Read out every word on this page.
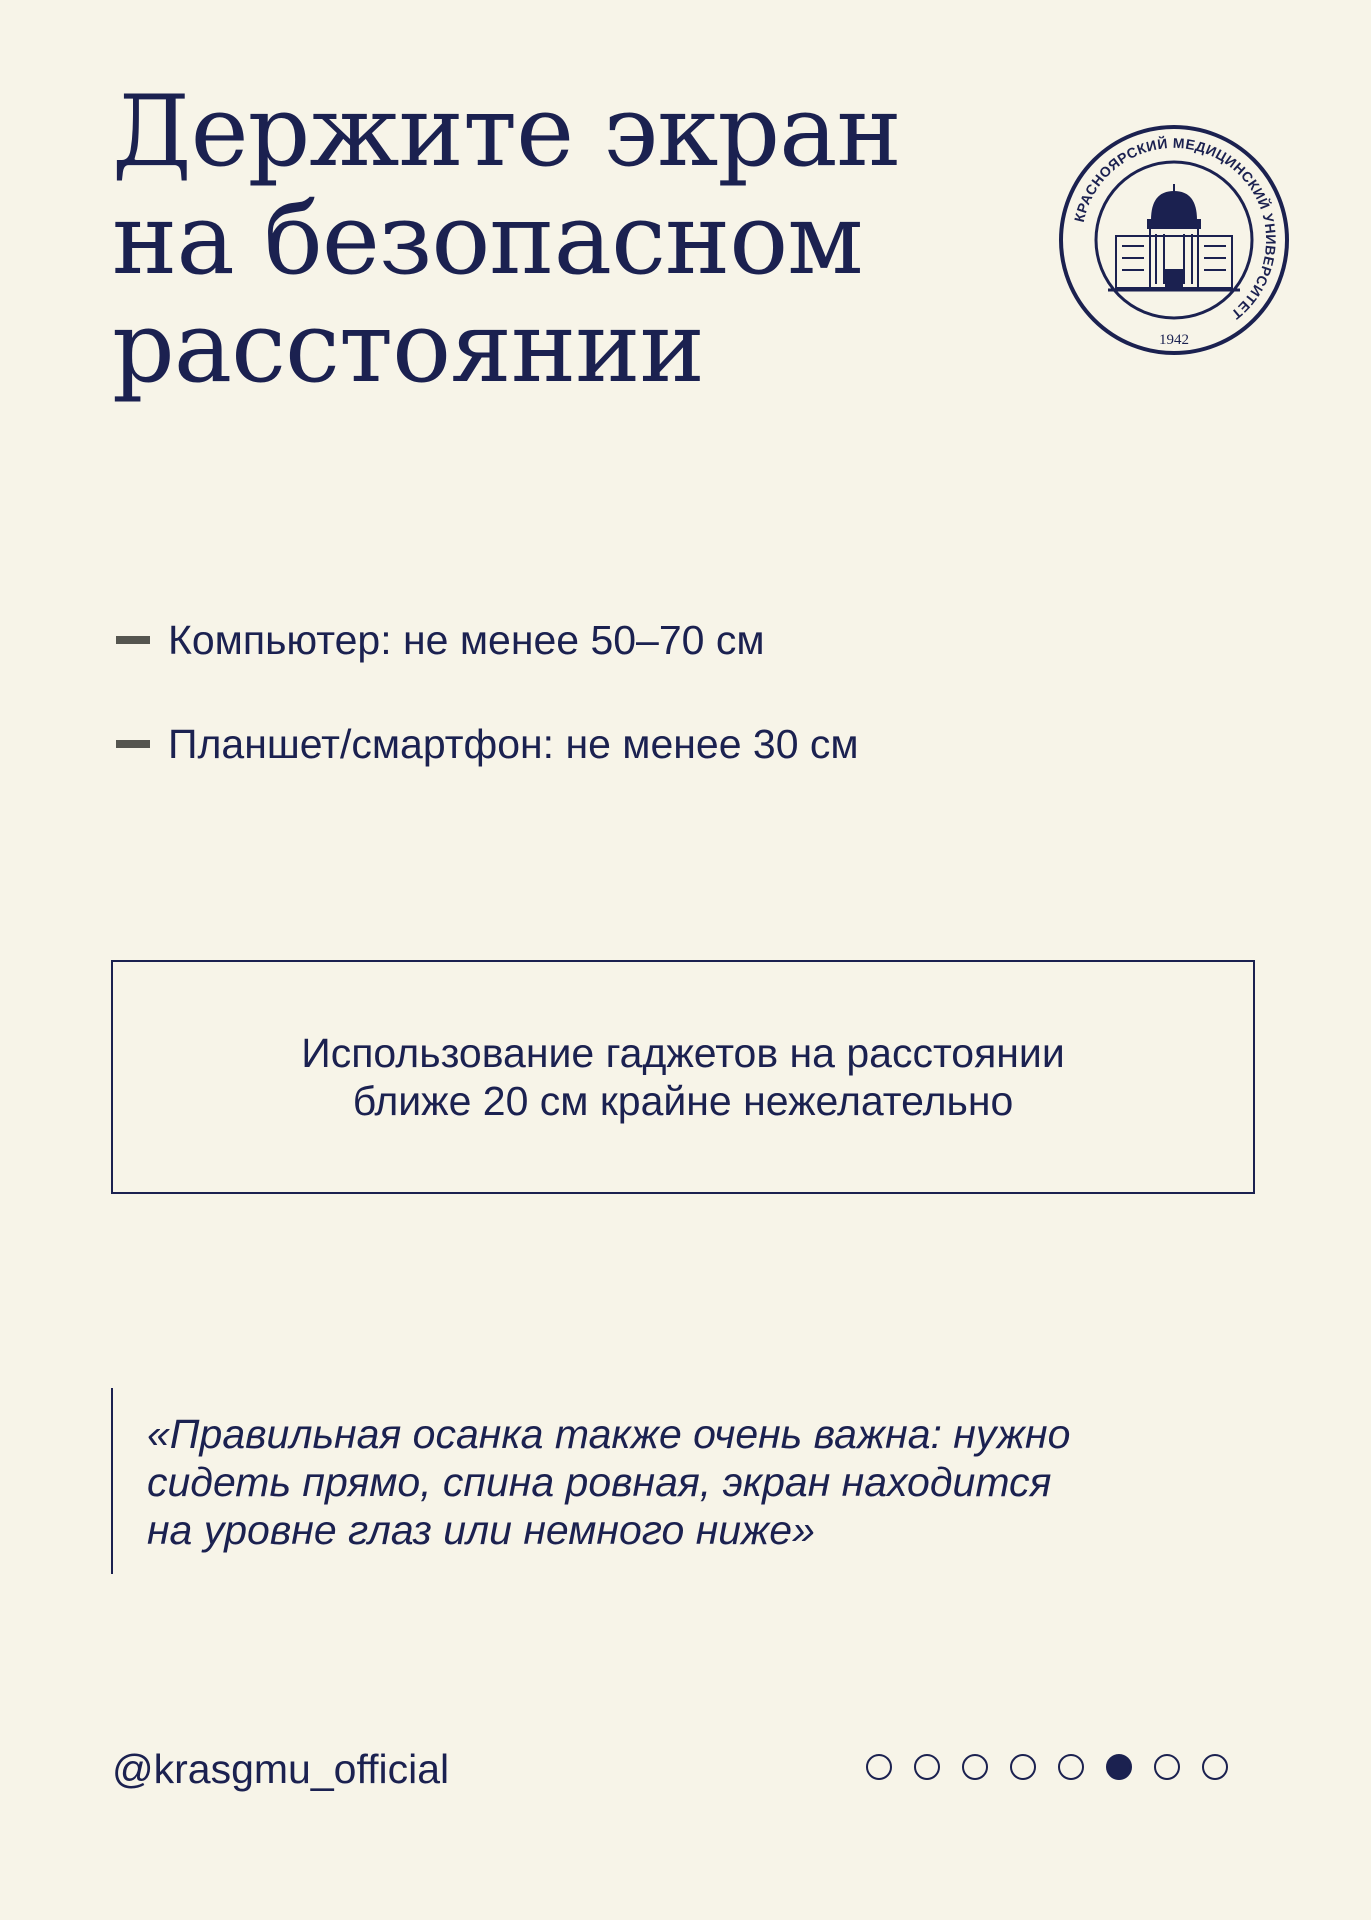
Держите экран
на безопасном
расстоянии
КРАСНОЯРСКИЙ МЕДИЦИНСКИЙ УНИВЕРСИТЕТ
1942
Компьютер: не менее 50–70 см
Планшет/смартфон: не менее 30 см
Использование гаджетов на расстоянии
ближе 20 см крайне нежелательно
«Правильная осанка также очень важна: нужно
сидеть прямо, спина ровная, экран находится
на уровне глаз или немного ниже»
@krasgmu_official
